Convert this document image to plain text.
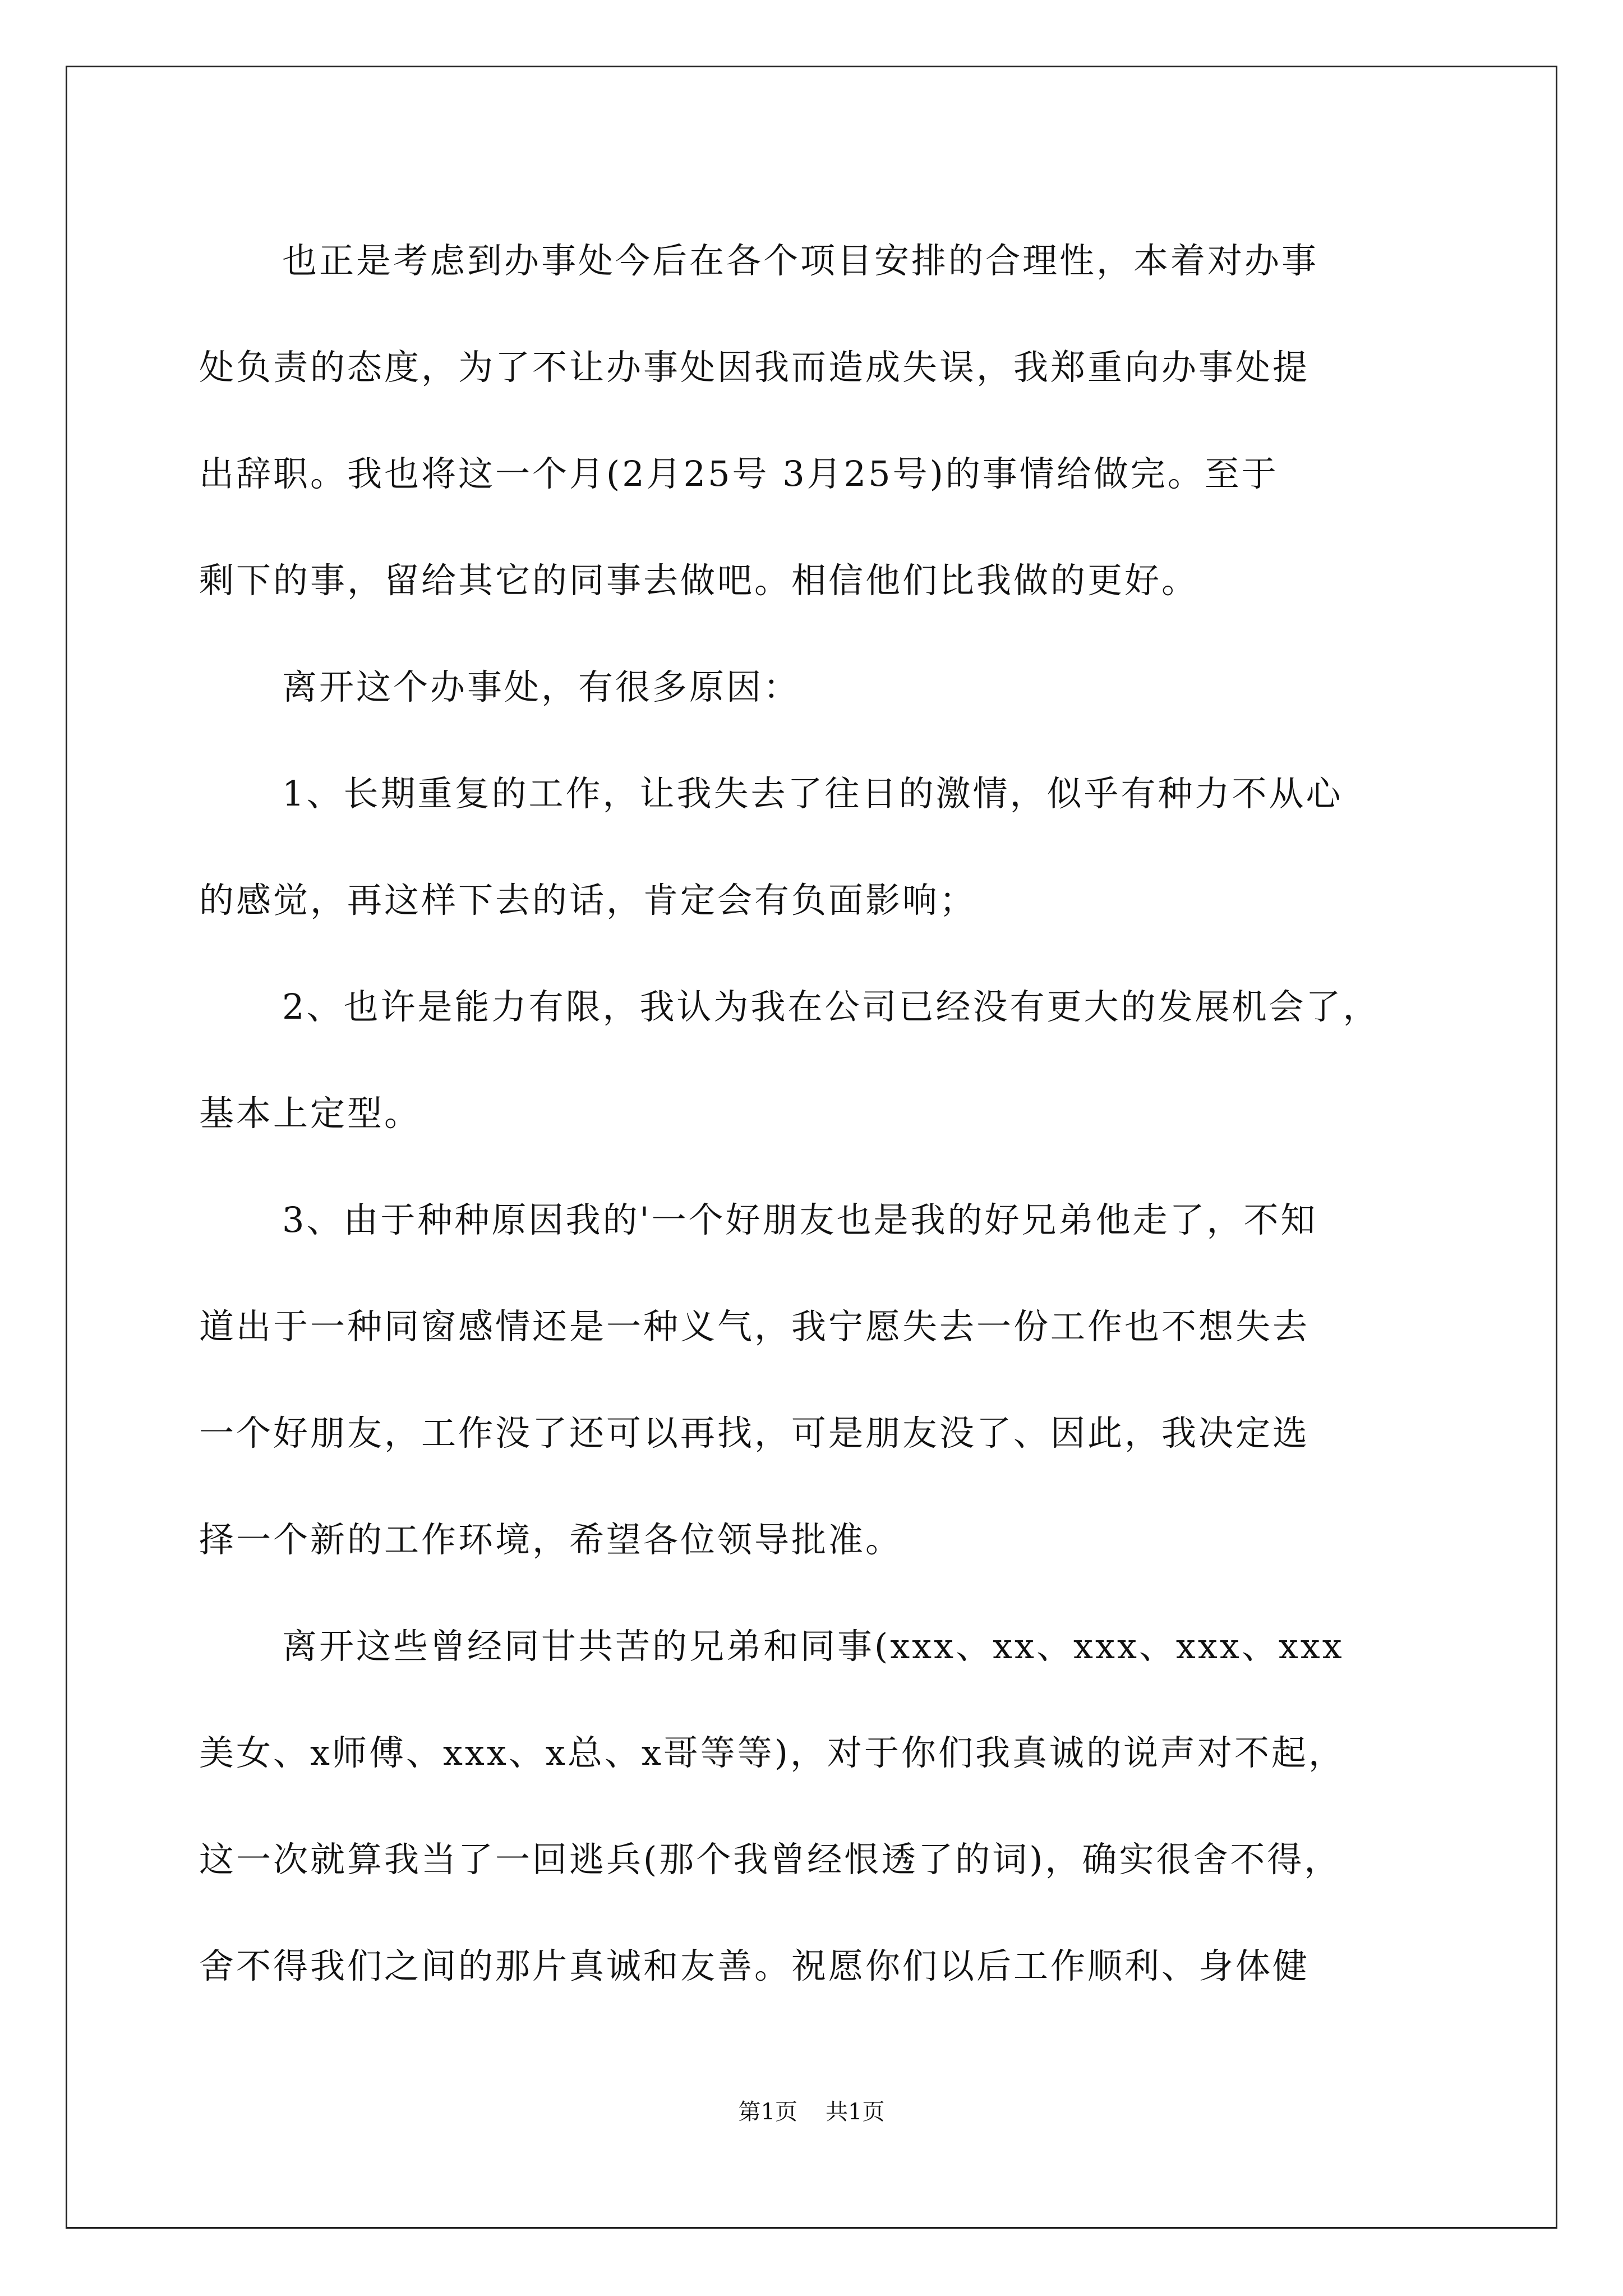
也正是考虑到办事处今后在各个项目安排的合理性，本着对办事
处负责的态度，为了不让办事处因我而造成失误，我郑重向办事处提
出辞职。我也将这一个月(2月25号 3月25号)的事情给做完。至于
剩下的事，留给其它的同事去做吧。相信他们比我做的更好。
离开这个办事处，有很多原因：
1、长期重复的工作，让我失去了往日的激情，似乎有种力不从心
的感觉，再这样下去的话，肯定会有负面影响；
2、也许是能力有限，我认为我在公司已经没有更大的发展机会了，
基本上定型。
3、由于种种原因我的'一个好朋友也是我的好兄弟他走了，不知
道出于一种同窗感情还是一种义气，我宁愿失去一份工作也不想失去
一个好朋友，工作没了还可以再找，可是朋友没了、因此，我决定选
择一个新的工作环境，希望各位领导批准。
离开这些曾经同甘共苦的兄弟和同事(xxx、xx、xxx、xxx、xxx
美女、x师傅、xxx、x总、x哥等等)，对于你们我真诚的说声对不起，
这一次就算我当了一回逃兵(那个我曾经恨透了的词)，确实很舍不得，
舍不得我们之间的那片真诚和友善。祝愿你们以后工作顺利、身体健
第1页 共1页
